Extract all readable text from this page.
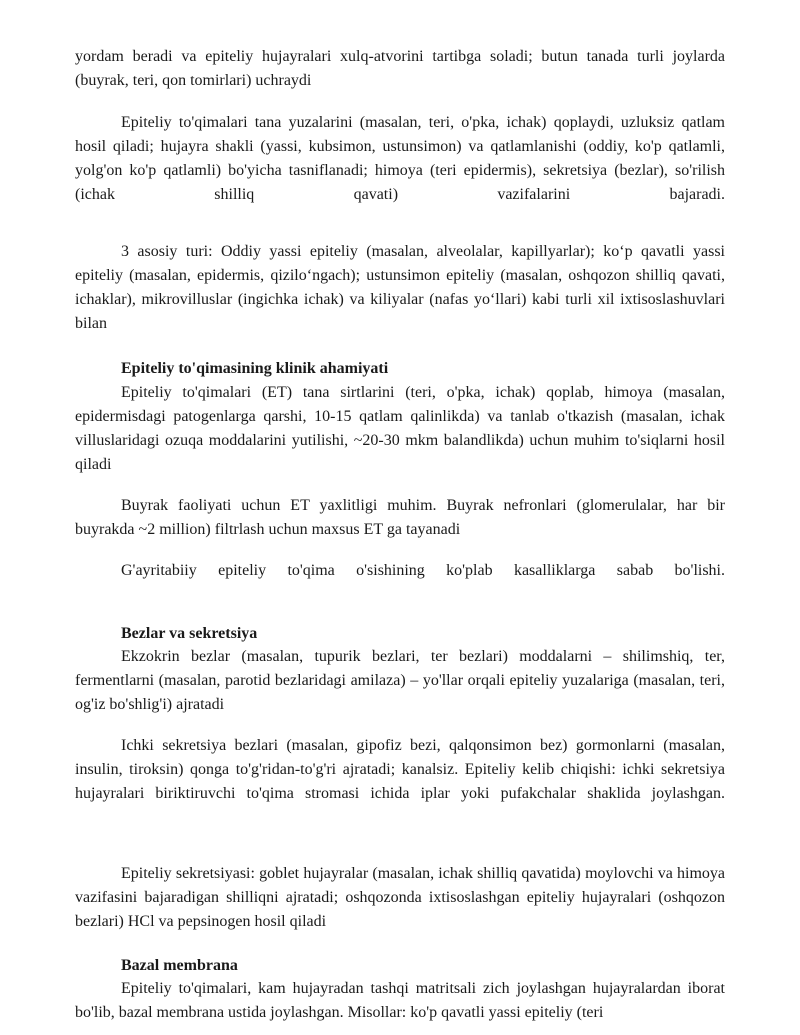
yordam beradi va epiteliy hujayralari xulq-atvorini tartibga soladi; butun tanada turli joylarda (buyrak, teri, qon tomirlari) uchraydi

Epiteliy to'qimalari tana yuzalarini (masalan, teri, o'pka, ichak) qoplaydi, uzluksiz qatlam hosil qiladi; hujayra shakli (yassi, kubsimon, ustunsimon) va qatlamlanishi (oddiy, ko'p qatlamli, yolg'on ko'p qatlamli) bo'yicha tasniflanadi; himoya (teri epidermis), sekretsiya (bezlar), so'rilish (ichak shilliq qavati) vazifalarini bajaradi.

3 asosiy turi: Oddiy yassi epiteliy (masalan, alveolalar, kapillyarlar); ko‘p qavatli yassi epiteliy (masalan, epidermis, qizilo‘ngach); ustunsimon epiteliy (masalan, oshqozon shilliq qavati, ichaklar), mikrovilluslar (ingichka ichak) va kiliyalar (nafas yo‘llari) kabi turli xil ixtisoslashuvlari bilan

Epiteliy to'qimasining klinik ahamiyati

Epiteliy to'qimalari (ET) tana sirtlarini (teri, o'pka, ichak) qoplab, himoya (masalan, epidermisdagi patogenlarga qarshi, 10-15 qatlam qalinlikda) va tanlab o'tkazish (masalan, ichak villuslaridagi ozuqa moddalarini yutilishi, ~20-30 mkm balandlikda) uchun muhim to'siqlarni hosil qiladi

Buyrak faoliyati uchun ET yaxlitligi muhim. Buyrak nefronlari (glomerulalar, har bir buyrakda ~2 million) filtrlash uchun maxsus ET ga tayanadi

G'ayritabiiy epiteliy to'qima o'sishining ko'plab kasalliklarga sabab bo'lishi.

Bezlar va sekretsiya

Ekzokrin bezlar (masalan, tupurik bezlari, ter bezlari) moddalarni – shilimshiq, ter, fermentlarni (masalan, parotid bezlaridagi amilaza) – yo'llar orqali epiteliy yuzalariga (masalan, teri, og'iz bo'shlig'i) ajratadi

Ichki sekretsiya bezlari (masalan, gipofiz bezi, qalqonsimon bez) gormonlarni (masalan, insulin, tiroksin) qonga to'g'ridan-to'g'ri ajratadi; kanalsiz. Epiteliy kelib chiqishi: ichki sekretsiya hujayralari biriktiruvchi to'qima stromasi ichida iplar yoki pufakchalar shaklida joylashgan.

Epiteliy sekretsiyasi: goblet hujayralar (masalan, ichak shilliq qavatida) moylovchi va himoya vazifasini bajaradigan shilliqni ajratadi; oshqozonda ixtisoslashgan epiteliy hujayralari (oshqozon bezlari) HCl va pepsinogen hosil qiladi

Bazal membrana

Epiteliy to'qimalari, kam hujayradan tashqi matritsali zich joylashgan hujayralardan iborat bo'lib, bazal membrana ustida joylashgan. Misollar: ko'p qavatli yassi epiteliy (teri
